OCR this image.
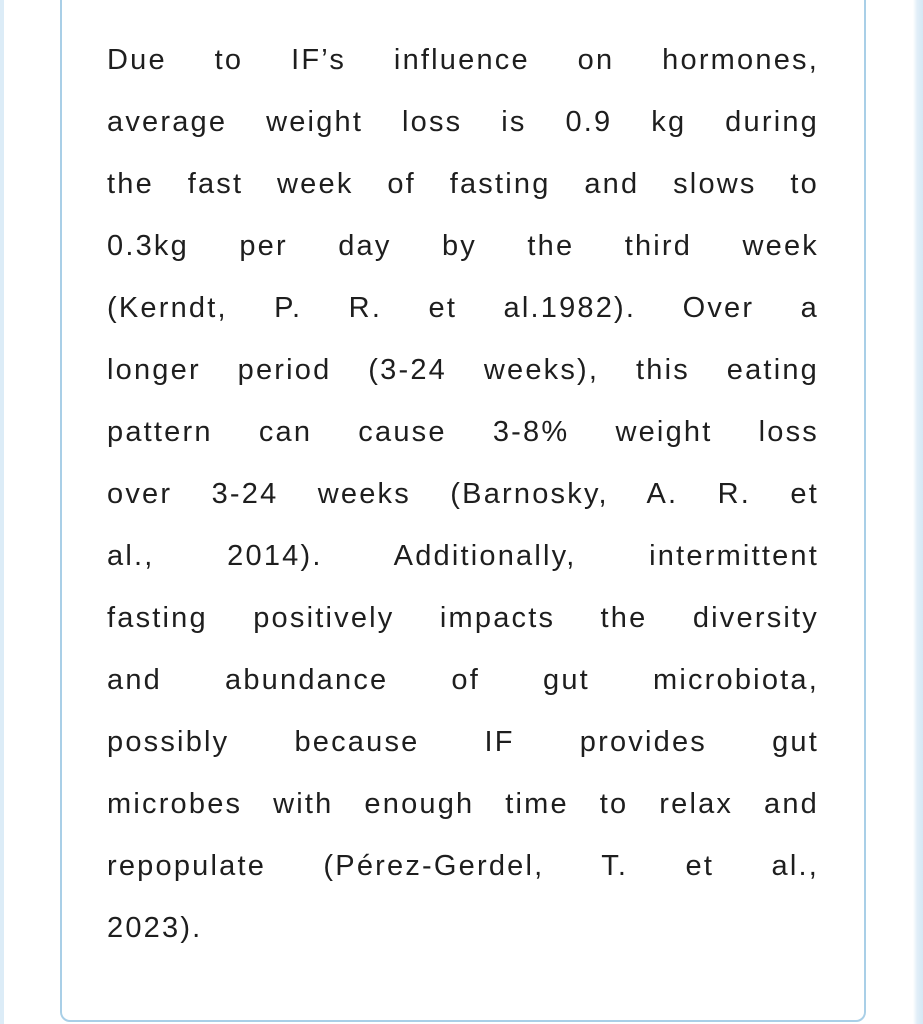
Due to IF’s influence on hormones,
average weight loss is 0.9 kg during
the fast week of fasting and slows to
0.3kg per day by the third week
(Kerndt, P. R. et al.1982). Over a
longer period (3-24 weeks), this eating
pattern can cause 3-8% weight loss
over 3-24 weeks (Barnosky, A. R. et
al., 2014). Additionally, intermittent
fasting positively impacts the diversity
and abundance of gut microbiota,
possibly because IF provides gut
microbes with enough time to relax and
repopulate (Pérez-Gerdel, T. et al.,
2023).
